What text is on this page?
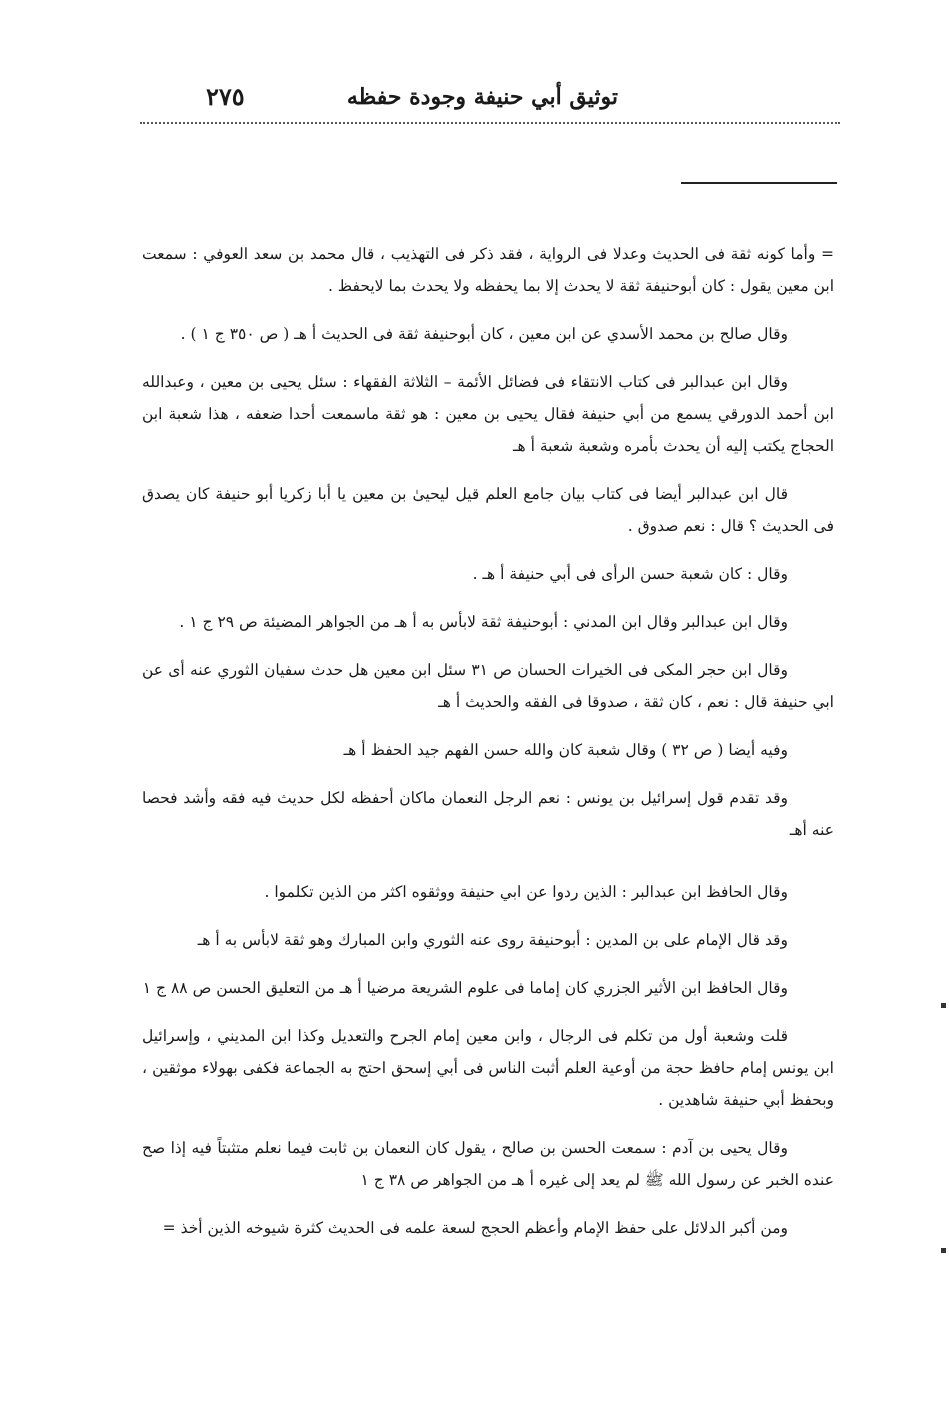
توثيق أبي حنيفة وجودة حفظه
٢٧٥

= وأما كونه ثقة فى الحديث وعدلا فى الرواية ، فقد ذكر فى التهذيب ، قال محمد بن سعد العوفي : سمعت ابن معين يقول : كان أبوحنيفة ثقة لا يحدث إلا بما يحفظه ولا يحدث بما لايحفظ .

وقال صالح بن محمد الأسدي عن ابن معين ، كان أبوحنيفة ثقة فى الحديث أ هـ ( ص ٣٥٠ ج ١ ) .

وقال ابن عبدالبر فى كتاب الانتقاء فى فضائل الأئمة – الثلاثة الفقهاء : سئل يحيى بن معين ، وعبدالله ابن أحمد الدورقي يسمع من أبي حنيفة فقال يحيى بن معين : هو ثقة ماسمعت أحدا ضعفه ، هذا شعبة ابن الحجاج يكتب إليه أن يحدث بأمره وشعبة شعبة أ هـ

قال ابن عبدالبر أيضا فى كتاب بيان جامع العلم قيل ليحيىٰ بن معين يا أبا زكريا أبو حنيفة كان يصدق فى الحديث ؟ قال : نعم صدوق .

وقال : كان شعبة حسن الرأى فى أبي حنيفة أ هـ .

وقال ابن عبدالبر وقال ابن المدني : أبوحنيفة ثقة لابأس به أ هـ من الجواهر المضيئة ص ٢٩ ج ١ .

وقال ابن حجر المكى فى الخيرات الحسان ص ٣١ سئل ابن معين هل حدث سفيان الثوري عنه أى عن ابي حنيفة قال : نعم ، كان ثقة ، صدوقا فى الفقه والحديث أ هـ

وفيه أيضا ( ص ٣٢ ) وقال شعبة كان والله حسن الفهم جيد الحفظ أ هـ

وقد تقدم قول إسرائيل بن يونس : نعم الرجل النعمان ماكان أحفظه لكل حديث فيه فقه وأشد فحصا عنه أهـ

وقال الحافظ ابن عبدالبر : الذين ردوا عن ابي حنيفة ووثقوه اكثر من الذين تكلموا .

وقد قال الإمام على بن المدين : أبوحنيفة روى عنه الثوري وابن المبارك وهو ثقة لابأس به أ هـ

وقال الحافظ ابن الأثير الجزري كان إماما فى علوم الشريعة مرضيا أ هـ من التعليق الحسن ص ٨٨ ج ١

قلت وشعبة أول من تكلم فى الرجال ، وابن معين إمام الجرح والتعديل وكذا ابن المديني ، وإسرائيل ابن يونس إمام حافظ حجة من أوعية العلم أثبت الناس فى أبي إسحق احتج به الجماعة فكفى بهولاء موثقين ، وبحفظ أبي حنيفة شاهدين .

وقال يحيى بن آدم : سمعت الحسن بن صالح ، يقول كان النعمان بن ثابت فيما نعلم متثبتاً فيه إذا صح عنده الخبر عن رسول الله ﷺ لم يعد إلى غيره أ هـ من الجواهر ص ٣٨ ج ١

ومن أكبر الدلائل على حفظ الإمام وأعظم الحجج لسعة علمه فى الحديث كثرة شيوخه الذين أخذ =
